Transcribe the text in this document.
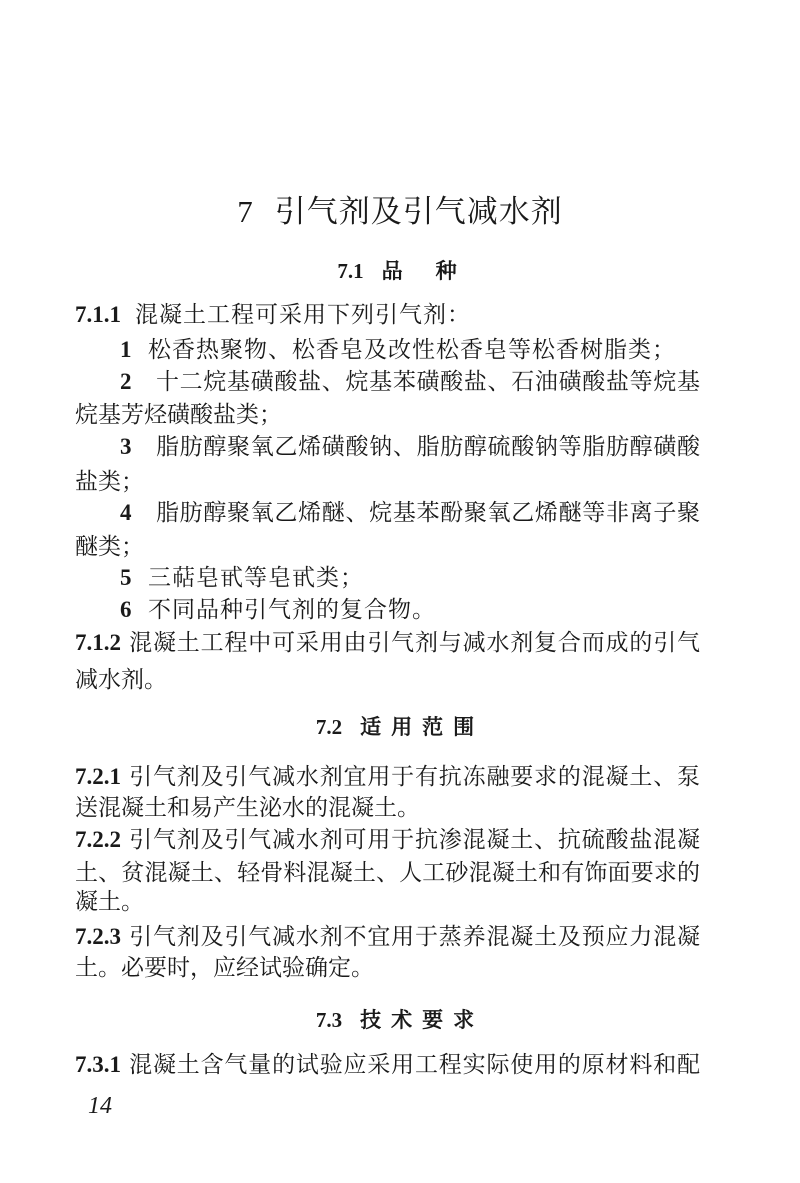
7 引气剂及引气减水剂
7.1 品　种
7.1.1 混凝土工程可采用下列引气剂：
1 松香热聚物、松香皂及改性松香皂等松香树脂类；
2 十二烷基磺酸盐、烷基苯磺酸盐、石油磺酸盐等烷基
烷基芳烃磺酸盐类；
3 脂肪醇聚氧乙烯磺酸钠、脂肪醇硫酸钠等脂肪醇磺酸
盐类；
4 脂肪醇聚氧乙烯醚、烷基苯酚聚氧乙烯醚等非离子聚
醚类；
5 三萜皂甙等皂甙类；
6 不同品种引气剂的复合物。
7.1.2 混凝土工程中可采用由引气剂与减水剂复合而成的引气
减水剂。
7.2 适用范围
7.2.1 引气剂及引气减水剂宜用于有抗冻融要求的混凝土、泵
送混凝土和易产生泌水的混凝土。
7.2.2 引气剂及引气减水剂可用于抗渗混凝土、抗硫酸盐混凝
土、贫混凝土、轻骨料混凝土、人工砂混凝土和有饰面要求的
凝土。
7.2.3 引气剂及引气减水剂不宜用于蒸养混凝土及预应力混凝
土。必要时，应经试验确定。
7.3 技术要求
7.3.1 混凝土含气量的试验应采用工程实际使用的原材料和配
14
